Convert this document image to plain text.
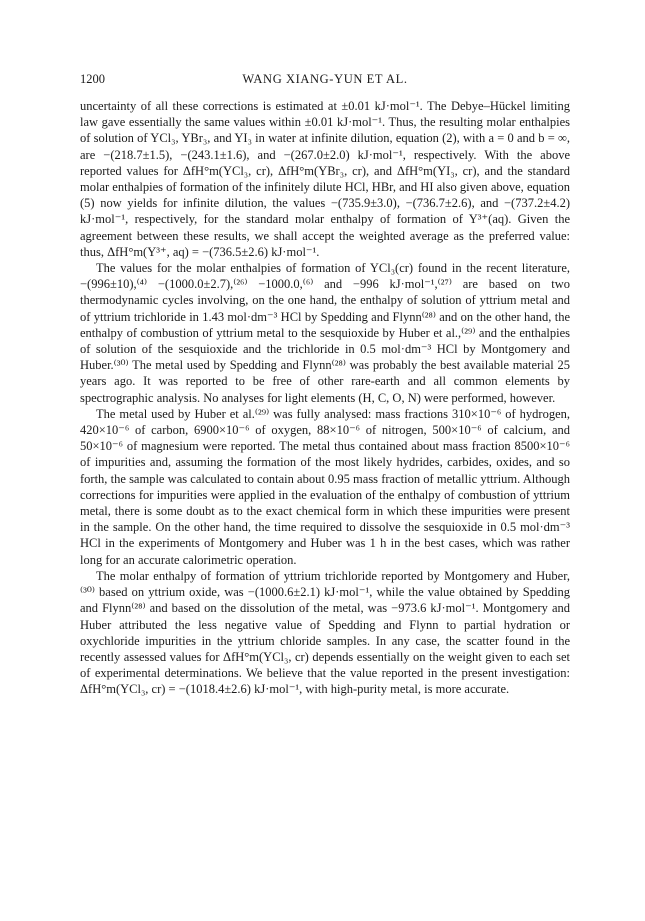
1200	WANG XIANG-YUN ET AL.

uncertainty of all these corrections is estimated at ±0.01 kJ·mol⁻¹. The Debye–Hückel limiting law gave essentially the same values within ±0.01 kJ·mol⁻¹. Thus, the resulting molar enthalpies of solution of YCl₃, YBr₃, and YI₃ in water at infinite dilution, equation (2), with a = 0 and b = ∞, are −(218.7±1.5), −(243.1±1.6), and −(267.0±2.0) kJ·mol⁻¹, respectively. With the above reported values for ΔfH°m(YCl₃, cr), ΔfH°m(YBr₃, cr), and ΔfH°m(YI₃, cr), and the standard molar enthalpies of formation of the infinitely dilute HCl, HBr, and HI also given above, equation (5) now yields for infinite dilution, the values −(735.9±3.0), −(736.7±2.6), and −(737.2±4.2) kJ·mol⁻¹, respectively, for the standard molar enthalpy of formation of Y³⁺(aq). Given the agreement between these results, we shall accept the weighted average as the preferred value: thus, ΔfH°m(Y³⁺, aq) = −(736.5±2.6) kJ·mol⁻¹.

The values for the molar enthalpies of formation of YCl₃(cr) found in the recent literature, −(996±10),⁽⁴⁾ −(1000.0±2.7),⁽²⁶⁾ −1000.0,⁽⁶⁾ and −996 kJ·mol⁻¹,⁽²⁷⁾ are based on two thermodynamic cycles involving, on the one hand, the enthalpy of solution of yttrium metal and of yttrium trichloride in 1.43 mol·dm⁻³ HCl by Spedding and Flynn⁽²⁸⁾ and on the other hand, the enthalpy of combustion of yttrium metal to the sesquioxide by Huber et al.,⁽²⁹⁾ and the enthalpies of solution of the sesquioxide and the trichloride in 0.5 mol·dm⁻³ HCl by Montgomery and Huber.⁽³⁰⁾ The metal used by Spedding and Flynn⁽²⁸⁾ was probably the best available material 25 years ago. It was reported to be free of other rare-earth and all common elements by spectrographic analysis. No analyses for light elements (H, C, O, N) were performed, however.

The metal used by Huber et al.⁽²⁹⁾ was fully analysed: mass fractions 310×10⁻⁶ of hydrogen, 420×10⁻⁶ of carbon, 6900×10⁻⁶ of oxygen, 88×10⁻⁶ of nitrogen, 500×10⁻⁶ of calcium, and 50×10⁻⁶ of magnesium were reported. The metal thus contained about mass fraction 8500×10⁻⁶ of impurities and, assuming the formation of the most likely hydrides, carbides, oxides, and so forth, the sample was calculated to contain about 0.95 mass fraction of metallic yttrium. Although corrections for impurities were applied in the evaluation of the enthalpy of combustion of yttrium metal, there is some doubt as to the exact chemical form in which these impurities were present in the sample. On the other hand, the time required to dissolve the sesquioxide in 0.5 mol·dm⁻³ HCl in the experiments of Montgomery and Huber was 1 h in the best cases, which was rather long for an accurate calorimetric operation.

The molar enthalpy of formation of yttrium trichloride reported by Montgomery and Huber,⁽³⁰⁾ based on yttrium oxide, was −(1000.6±2.1) kJ·mol⁻¹, while the value obtained by Spedding and Flynn⁽²⁸⁾ and based on the dissolution of the metal, was −973.6 kJ·mol⁻¹. Montgomery and Huber attributed the less negative value of Spedding and Flynn to partial hydration or oxychloride impurities in the yttrium chloride samples. In any case, the scatter found in the recently assessed values for ΔfH°m(YCl₃, cr) depends essentially on the weight given to each set of experimental determinations. We believe that the value reported in the present investigation: ΔfH°m(YCl₃, cr) = −(1018.4±2.6) kJ·mol⁻¹, with high-purity metal, is more accurate.
